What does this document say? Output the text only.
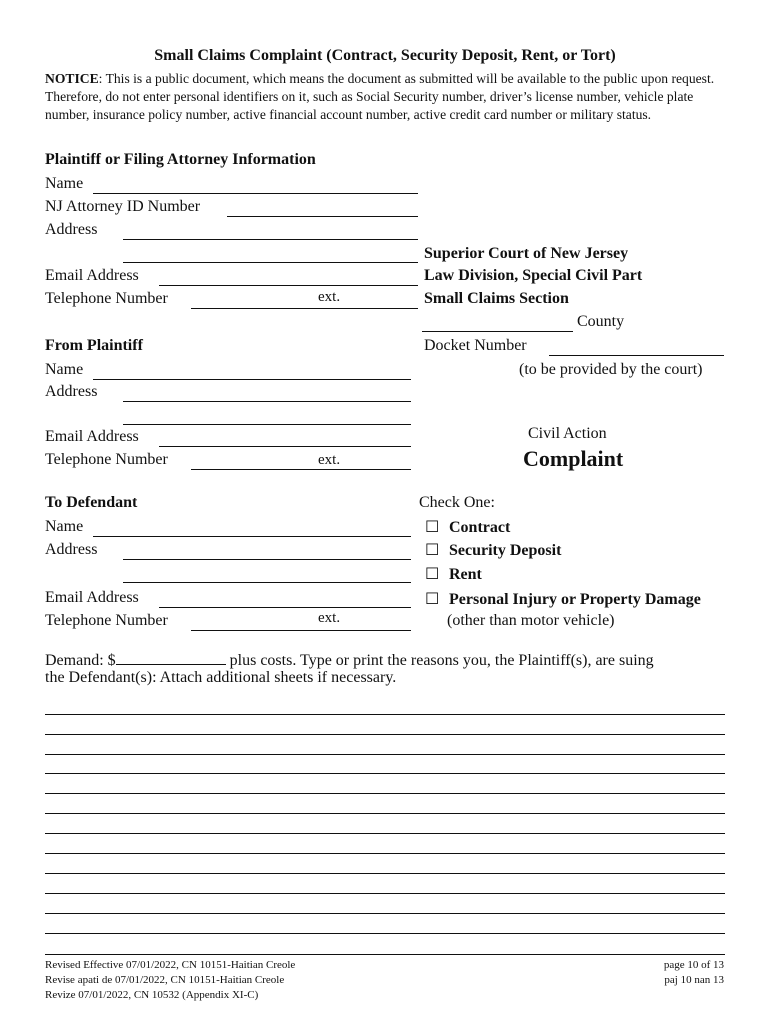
Small Claims Complaint (Contract, Security Deposit, Rent, or Tort)
NOTICE: This is a public document, which means the document as submitted will be available to the public upon request. Therefore, do not enter personal identifiers on it, such as Social Security number, driver’s license number, vehicle plate number, insurance policy number, active financial account number, active credit card number or military status.
Plaintiff or Filing Attorney Information
Name
NJ Attorney ID Number
Address
Email Address
Telephone Number	ext.
Superior Court of New Jersey
Law Division, Special Civil Part
Small Claims Section
County
Docket Number
(to be provided by the court)
Civil Action
Complaint
From Plaintiff
Name
Address
Email Address
Telephone Number	ext.
To Defendant
Name
Address
Email Address
Telephone Number	ext.
Check One:
☐ Contract
☐ Security Deposit
☐ Rent
☐ Personal Injury or Property Damage
(other than motor vehicle)
Demand: $	plus costs. Type or print the reasons you, the Plaintiff(s), are suing
the Defendant(s): Attach additional sheets if necessary.
Revised Effective 07/01/2022, CN 10151-Haitian Creole
Revise apati de 07/01/2022, CN 10151-Haitian Creole
Revize 07/01/2022, CN 10532 (Appendix XI-C)
page 10 of 13
paj 10 nan 13
